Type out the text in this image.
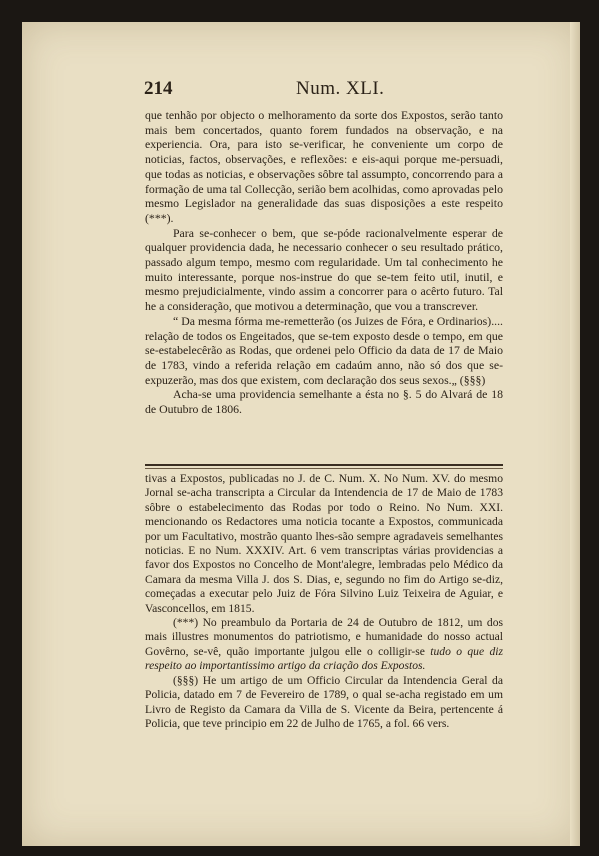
214	Num. XLI.

que tenhão por objecto o melhoramento da sorte dos Expostos, serão tanto mais bem concertados, quanto forem fundados na observação, e na experiencia. Ora, para isto se-verificar, he conveniente um corpo de noticias, factos, observações, e reflexões: e eis-aqui porque me-persuadi, que todas as noticias, e observações sôbre tal assumpto, concorrendo para a formação de uma tal Collecção, serião bem acolhidas, como aprovadas pelo mesmo Legislador na generalidade das suas disposições a este respeito (***).

Para se-conhecer o bem, que se-póde racionalvelmente esperar de qualquer providencia dada, he necessario conhecer o seu resultado prático, passado algum tempo, mesmo com regularidade. Um tal conhecimento he muito interessante, porque nos-instrue do que se-tem feito util, inutil, e mesmo prejudicialmente, vindo assim a concorrer para o acêrto futuro. Tal he a consideração, que motivou a determinação, que vou a transcrever.

“ Da mesma fórma me-remetterão (os Juizes de Fóra, e Ordinarios).... relação de todos os Engeitados, que se-tem exposto desde o tempo, em que se-estabelecêrão as Rodas, que ordenei pelo Officio da data de 17 de Maio de 1783, vindo a referida relação em cadaúm anno, não só dos que se-expuzerão, mas dos que existem, com declaração dos seus sexos.„ (§§§)

Acha-se uma providencia semelhante a ésta no §. 5 do Alvará de 18 de Outubro de 1806.

tivas a Expostos, publicadas no J. de C. Num. X. No Num. XV. do mesmo Jornal se-acha transcripta a Circular da Intendencia de 17 de Maio de 1783 sôbre o estabelecimento das Rodas por todo o Reino. No Num. XXI. mencionando os Redactores uma noticia tocante a Expostos, communicada por um Facultativo, mostrão quanto lhes-são sempre agradaveis semelhantes noticias. E no Num. XXXIV. Art. 6 vem transcriptas várias providencias a favor dos Expostos no Concelho de Mont'alegre, lembradas pelo Médico da Camara da mesma Villa J. dos S. Dias, e, segundo no fim do Artigo se-diz, começadas a executar pelo Juiz de Fóra Silvino Luiz Teixeira de Aguiar, e Vasconcellos, em 1815.

(***) No preambulo da Portaria de 24 de Outubro de 1812, um dos mais illustres monumentos do patriotismo, e humanidade do nosso actual Govêrno, se-vê, quão importante julgou elle o colligir-se tudo o que diz respeito ao importantissimo artigo da criação dos Expostos.

(§§§) He um artigo de um Officio Circular da Intendencia Geral da Policia, datado em 7 de Fevereiro de 1789, o qual se-acha registado em um Livro de Registo da Camara da Villa de S. Vicente da Beira, pertencente á Policia, que teve principio em 22 de Julho de 1765, a fol. 66 vers.
